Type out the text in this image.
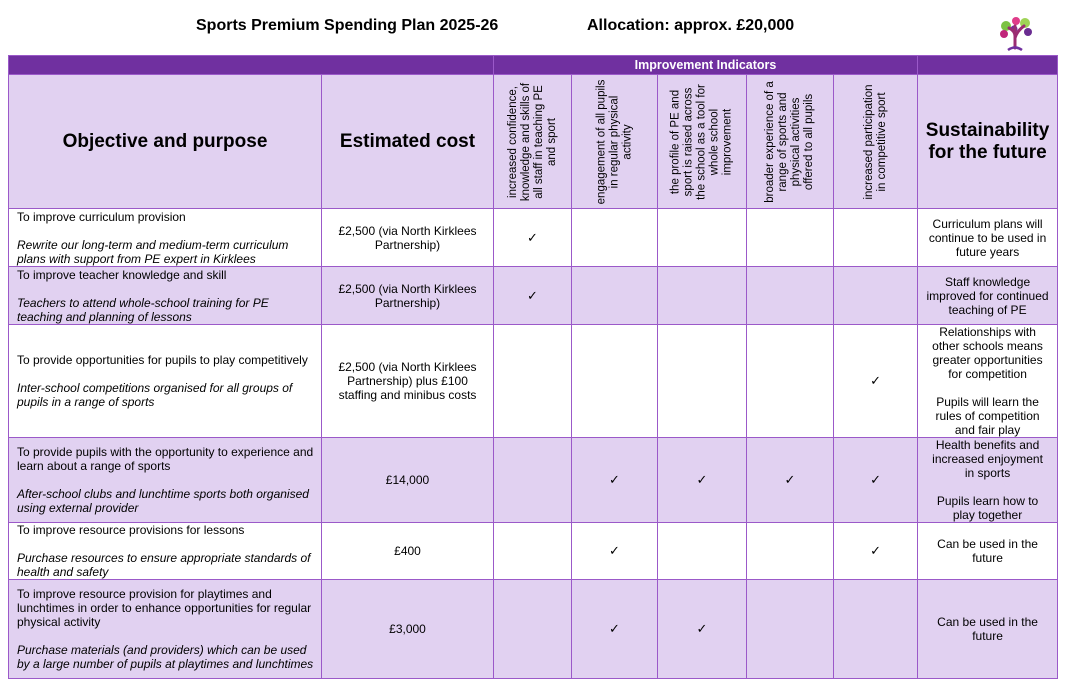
Sports Premium Spending Plan 2025-26	Allocation: approx. £20,000
		Improvement Indicators					
Objective and purpose	Estimated cost	increased confidence, knowledge and skills of all staff in teaching PE and sport	engagement of all pupils in regular physical activity	the profile of PE and sport is raised across the school as a tool for whole school improvement	broader experience of a range of sports and physical activities offered to all pupils	increased participation in competitive sport	Sustainability for the future

To improve curriculum provision
Rewrite our long-term and medium-term curriculum plans with support from PE expert in Kirklees	£2,500 (via North Kirklees Partnership)	✓					Curriculum plans will continue to be used in future years

To improve teacher knowledge and skill
Teachers to attend whole-school training for PE teaching and planning of lessons	£2,500 (via North Kirklees Partnership)	✓					Staff knowledge improved for continued teaching of PE

To provide opportunities for pupils to play competitively
Inter-school competitions organised for all groups of pupils in a range of sports	£2,500 (via North Kirklees Partnership) plus £100 staffing and minibus costs					✓	Relationships with other schools means greater opportunities for competition
Pupils will learn the rules of competition and fair play

To provide pupils with the opportunity to experience and learn about a range of sports
After-school clubs and lunchtime sports both organised using external provider	£14,000		✓	✓	✓	✓	Health benefits and increased enjoyment in sports
Pupils learn how to play together

To improve resource provisions for lessons
Purchase resources to ensure appropriate standards of health and safety	£400		✓			✓	Can be used in the future

To improve resource provision for playtimes and lunchtimes in order to enhance opportunities for regular physical activity
Purchase materials (and providers) which can be used by a large number of pupils at playtimes and lunchtimes	£3,000		✓	✓			Can be used in the future
